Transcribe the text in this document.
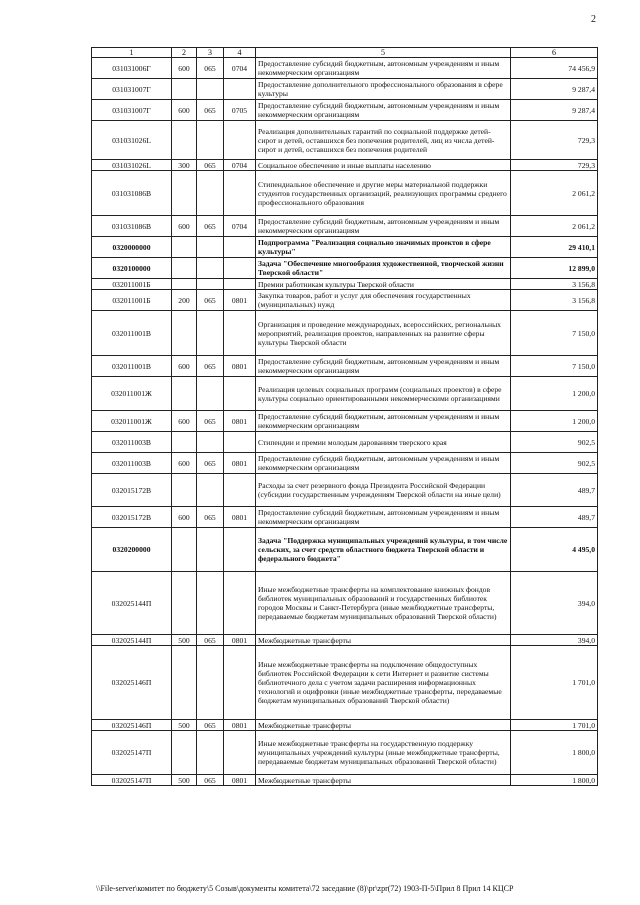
2
1	2	3	4	5	6
031031006Г	600	065	0704	Предоставление субсидий бюджетным, автономным учреждениям и иным некоммерческим организациям	74 456,9
031031007Г				Предоставление дополнительного профессионального образования в сфере культуры	9 287,4
031031007Г	600	065	0705	Предоставление субсидий бюджетным, автономным учреждениям и иным некоммерческим организациям	9 287,4
031031026L				Реализация дополнительных гарантий по социальной поддержке детей-сирот и детей, оставшихся без попечения родителей, лиц из числа детей-сирот и детей, оставшихся без попечения родителей	729,3
031031026L	300	065	0704	Социальное обеспечение и иные выплаты населению	729,3
031031086В				Стипендиальное обеспечение и другие меры материальной поддержки студентов государственных организаций, реализующих программы среднего профессионального образования	2 061,2
031031086В	600	065	0704	Предоставление субсидий бюджетным, автономным учреждениям и иным некоммерческим организациям	2 061,2
0320000000				Подпрограмма "Реализация социально значимых проектов в сфере культуры"	29 410,1
0320100000				Задача "Обеспечение многообразия художественной, творческой жизни Тверской области"	12 899,0
032011001Б				Премии работникам культуры Тверской области	3 156,8
032011001Б	200	065	0801	Закупка товаров, работ и услуг для обеспечения государственных (муниципальных) нужд	3 156,8
032011001В				Организация и проведение международных, всероссийских, региональных мероприятий, реализация проектов, направленных на развитие сферы культуры Тверской области	7 150,0
032011001В	600	065	0801	Предоставление субсидий бюджетным, автономным учреждениям и иным некоммерческим организациям	7 150,0
032011001Ж				Реализация целевых социальных программ (социальных проектов) в сфере культуры социально ориентированными некоммерческими организациями	1 200,0
032011001Ж	600	065	0801	Предоставление субсидий бюджетным, автономным учреждениям и иным некоммерческим организациям	1 200,0
032011003В				Стипендии и премии молодым дарованиям тверского края	902,5
032011003В	600	065	0801	Предоставление субсидий бюджетным, автономным учреждениям и иным некоммерческим организациям	902,5
032015172В				Расходы за счет резервного фонда Президента Российской Федерации (субсидии государственным учреждениям Тверской области на иные цели)	489,7
032015172В	600	065	0801	Предоставление субсидий бюджетным, автономным учреждениям и иным некоммерческим организациям	489,7
0320200000				Задача "Поддержка муниципальных учреждений культуры, в том числе сельских, за счет средств областного бюджета Тверской области и федерального бюджета"	4 495,0
032025144П				Иные межбюджетные трансферты на комплектование книжных фондов библиотек муниципальных образований и государственных библиотек городов Москвы и Санкт-Петербурга (иные межбюджетные трансферты, передаваемые бюджетам муниципальных образований Тверской области)	394,0
032025144П	500	065	0801	Межбюджетные трансферты	394,0
032025146П				Иные межбюджетные трансферты на подключение общедоступных библиотек Российской Федерации к сети Интернет и развитие системы библиотечного дела с учетом задачи расширения информационных технологий и оцифровки (иные межбюджетные трансферты, передаваемые бюджетам муниципальных образований Тверской области)	1 701,0
032025146П	500	065	0801	Межбюджетные трансферты	1 701,0
032025147П				Иные межбюджетные трансферты на государственную поддержку муниципальных учреждений культуры (иные межбюджетные трансферты, передаваемые бюджетам муниципальных образований Тверской области)	1 800,0
032025147П	500	065	0801	Межбюджетные трансферты	1 800,0
\\File-server\комитет по бюджету\5 Созыв\документы комитета\72 заседание (8)\pr\zpr(72) 1903-П-5\Прил 8 Прил 14 КЦСР
